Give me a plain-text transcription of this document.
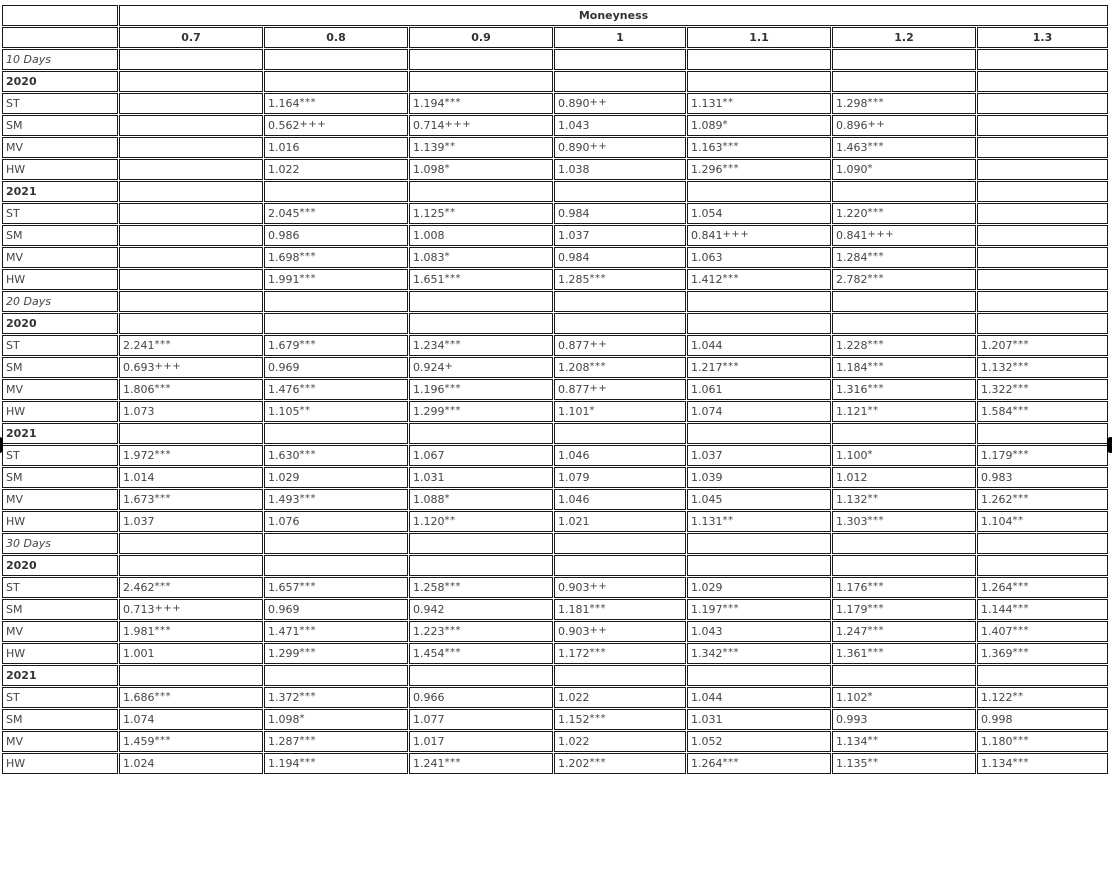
	Moneyness						
	0.7	0.8	0.9	1	1.1	1.2	1.3
10 Days							
2020							
ST		1.164***	1.194***	0.890++	1.131**	1.298***	
SM		0.562+++	0.714+++	1.043	1.089*	0.896++	
MV		1.016	1.139**	0.890++	1.163***	1.463***	
HW		1.022	1.098*	1.038	1.296***	1.090*	
2021							
ST		2.045***	1.125**	0.984	1.054	1.220***	
SM		0.986	1.008	1.037	0.841+++	0.841+++	
MV		1.698***	1.083*	0.984	1.063	1.284***	
HW		1.991***	1.651***	1.285***	1.412***	2.782***	
20 Days							
2020							
ST	2.241***	1.679***	1.234***	0.877++	1.044	1.228***	1.207***
SM	0.693+++	0.969	0.924+	1.208***	1.217***	1.184***	1.132***
MV	1.806***	1.476***	1.196***	0.877++	1.061	1.316***	1.322***
HW	1.073	1.105**	1.299***	1.101*	1.074	1.121**	1.584***
2021							
ST	1.972***	1.630***	1.067	1.046	1.037	1.100*	1.179***
SM	1.014	1.029	1.031	1.079	1.039	1.012	0.983
MV	1.673***	1.493***	1.088*	1.046	1.045	1.132**	1.262***
HW	1.037	1.076	1.120**	1.021	1.131**	1.303***	1.104**
30 Days							
2020							
ST	2.462***	1.657***	1.258***	0.903++	1.029	1.176***	1.264***
SM	0.713+++	0.969	0.942	1.181***	1.197***	1.179***	1.144***
MV	1.981***	1.471***	1.223***	0.903++	1.043	1.247***	1.407***
HW	1.001	1.299***	1.454***	1.172***	1.342***	1.361***	1.369***
2021							
ST	1.686***	1.372***	0.966	1.022	1.044	1.102*	1.122**
SM	1.074	1.098*	1.077	1.152***	1.031	0.993	0.998
MV	1.459***	1.287***	1.017	1.022	1.052	1.134**	1.180***
HW	1.024	1.194***	1.241***	1.202***	1.264***	1.135**	1.134***
